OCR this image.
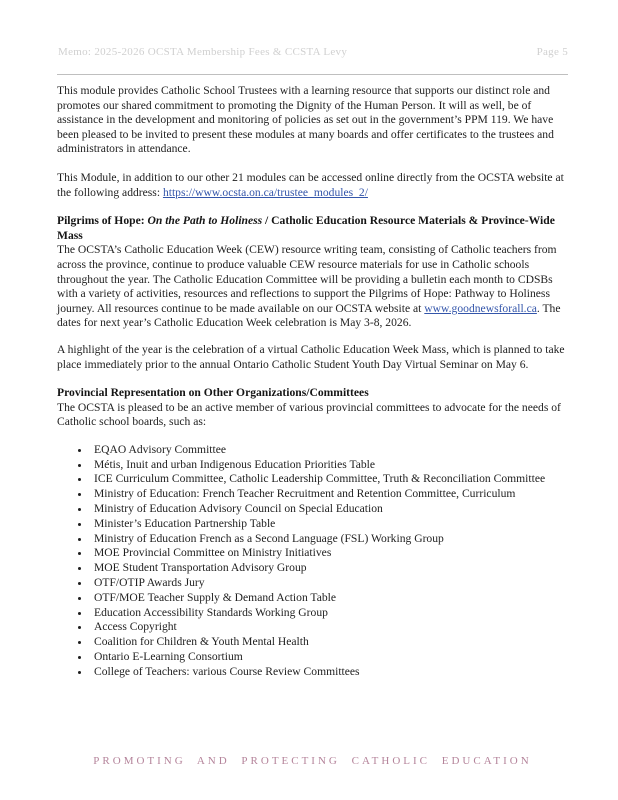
Memo: 2025-2026 OCSTA Membership Fees & CCSTA Levy	Page 5

This module provides Catholic School Trustees with a learning resource that supports our distinct role and promotes our shared commitment to promoting the Dignity of the Human Person. It will as well, be of assistance in the development and monitoring of policies as set out in the government’s PPM 119. We have been pleased to be invited to present these modules at many boards and offer certificates to the trustees and administrators in attendance.

This Module, in addition to our other 21 modules can be accessed online directly from the OCSTA website at the following address: https://www.ocsta.on.ca/trustee_modules_2/

Pilgrims of Hope: On the Path to Holiness / Catholic Education Resource Materials & Province-Wide Mass

The OCSTA’s Catholic Education Week (CEW) resource writing team, consisting of Catholic teachers from across the province, continue to produce valuable CEW resource materials for use in Catholic schools throughout the year. The Catholic Education Committee will be providing a bulletin each month to CDSBs with a variety of activities, resources and reflections to support the Pilgrims of Hope: Pathway to Holiness journey. All resources continue to be made available on our OCSTA website at www.goodnewsforall.ca. The dates for next year’s Catholic Education Week celebration is May 3-8, 2026.

A highlight of the year is the celebration of a virtual Catholic Education Week Mass, which is planned to take place immediately prior to the annual Ontario Catholic Student Youth Day Virtual Seminar on May 6.

Provincial Representation on Other Organizations/Committees

The OCSTA is pleased to be an active member of various provincial committees to advocate for the needs of Catholic school boards, such as:

• EQAO Advisory Committee
• Métis, Inuit and urban Indigenous Education Priorities Table
• ICE Curriculum Committee, Catholic Leadership Committee, Truth & Reconciliation Committee
• Ministry of Education: French Teacher Recruitment and Retention Committee, Curriculum
• Ministry of Education Advisory Council on Special Education
• Minister’s Education Partnership Table
• Ministry of Education French as a Second Language (FSL) Working Group
• MOE Provincial Committee on Ministry Initiatives
• MOE Student Transportation Advisory Group
• OTF/OTIP Awards Jury
• OTF/MOE Teacher Supply & Demand Action Table
• Education Accessibility Standards Working Group
• Access Copyright
• Coalition for Children & Youth Mental Health
• Ontario E-Learning Consortium
• College of Teachers: various Course Review Committees
PROMOTING AND PROTECTING CATHOLIC EDUCATION
